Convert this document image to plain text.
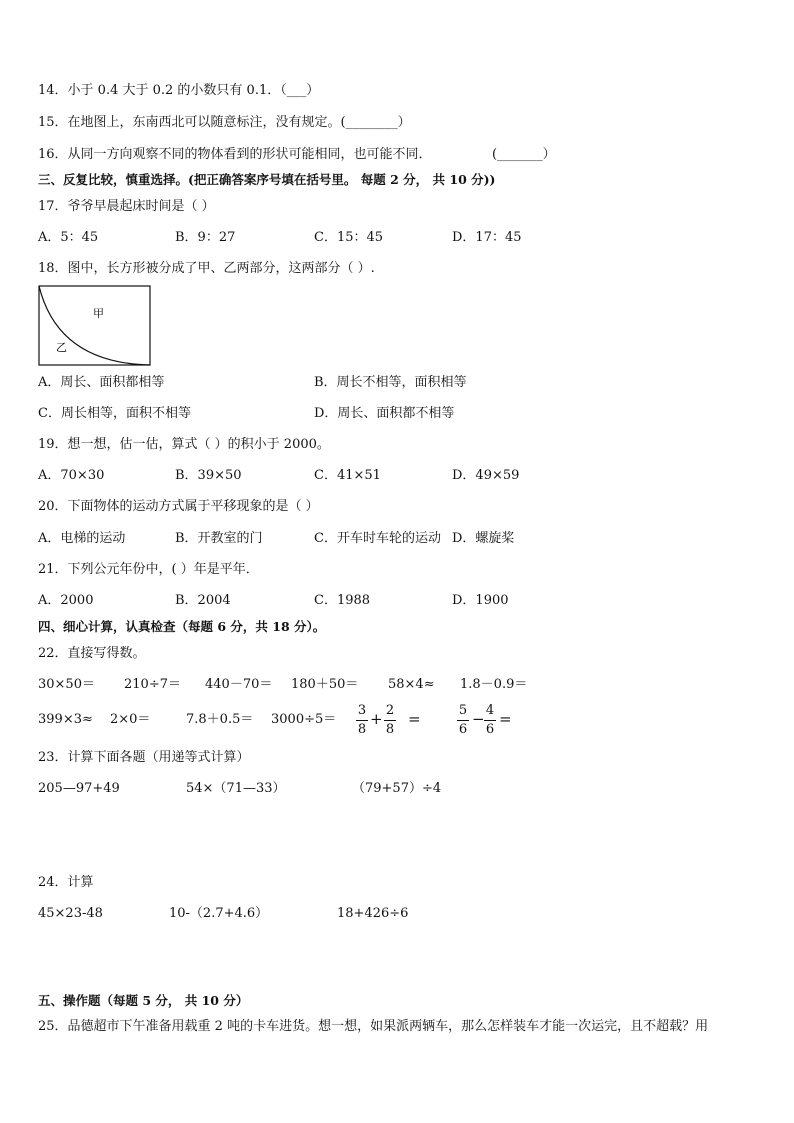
14．小于 0.4 大于 0.2 的小数只有 0.1．（___）
15．在地图上，东南西北可以随意标注，没有规定。(________）
16．从同一方向观察不同的物体看到的形状可能相同，也可能不同．	(_______）
三、反复比较，慎重选择。(把正确答案序号填在括号里。 每题 2 分， 共 10 分))
17．爷爷早晨起床时间是（ ）
A．5：45	B．9：27	C．15：45	D．17：45
18．图中，长方形被分成了甲、乙两部分，这两部分（ ）.
甲
乙
A．周长、面积都相等	B．周长不相等，面积相等
C．周长相等，面积不相等	D．周长、面积都不相等
19．想一想，估一估，算式（ ）的积小于 2000。
A．70×30	B．39×50	C．41×51	D．49×59
20．下面物体的运动方式属于平移现象的是（ ）
A．电梯的运动	B．开教室的门	C．开车时车轮的运动 D．螺旋桨
21．下列公元年份中，( ）年是平年．
A．2000	B．2004	C．1988	D．1900
四、细心计算，认真检查（每题 6 分，共 18 分）。
22．直接写得数。
30×50＝ 210÷7＝ 440－70＝ 180＋50＝ 58×4≈ 1.8－0.9＝
399×3≈ 2×0＝	$7.8+0.5= 3000\div 5= \frac{3}{8} + \frac{2}{8}$ =	$\frac{5}{6} - \frac{4}{6}$ =
23．计算下面各题（用递等式计算）
205—97+49	54×（71—33）	（79+57）÷4
24．计算
45×23-48	10-（2.7+4.6）	18+426÷6
五、操作题（每题 5 分， 共 10 分）
25．品德超市下午准备用载重 2 吨的卡车进货。想一想，如果派两辆车，那么怎样装车才能一次运完，且不超载？用
